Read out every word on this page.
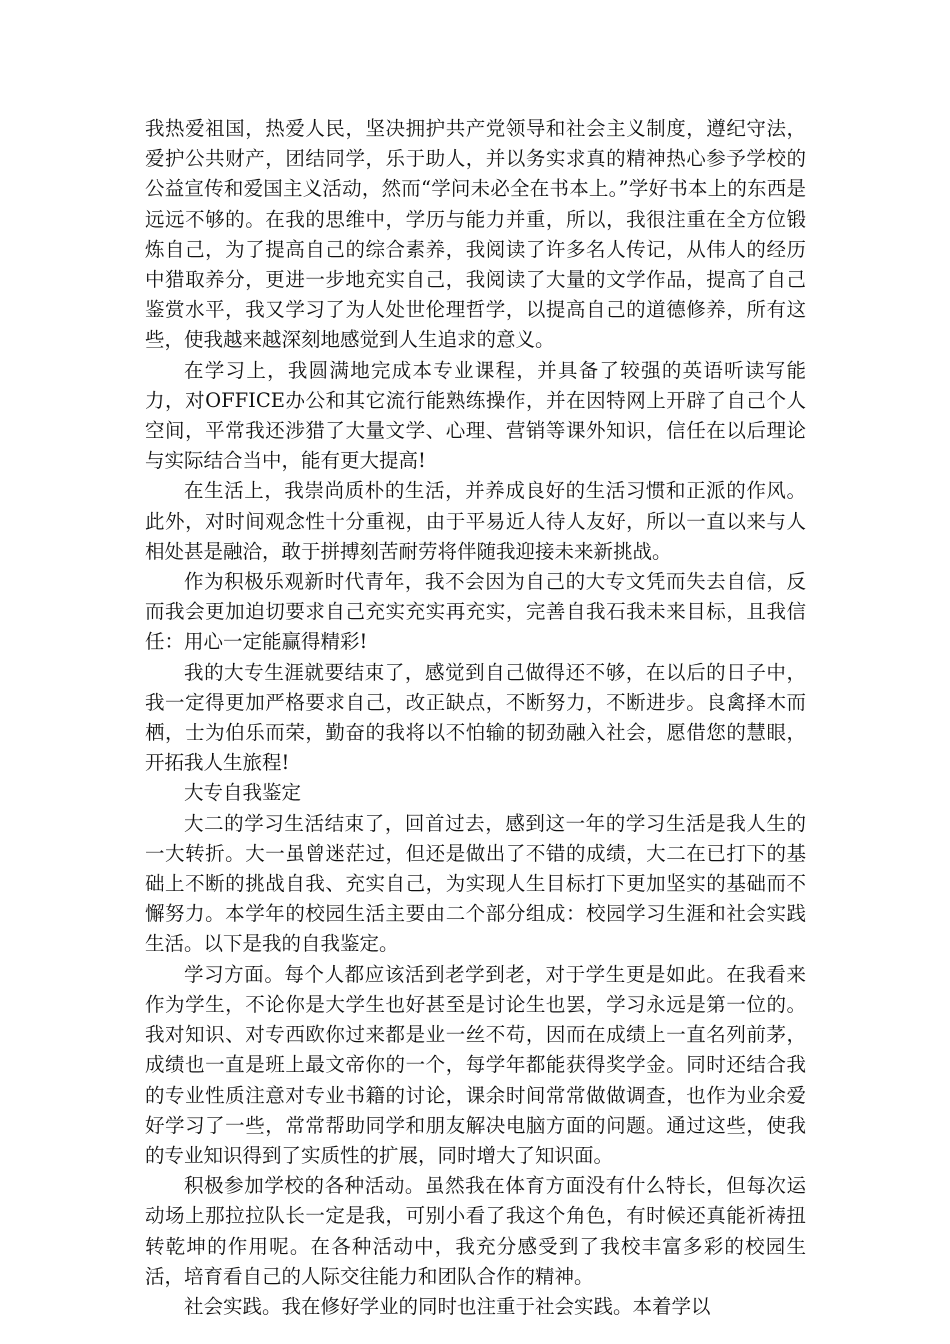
我热爱祖国，热爱人民，坚决拥护共产党领导和社会主义制度，遵纪守法，爱护公共财产，团结同学，乐于助人，并以务实求真的精神热心参予学校的公益宣传和爱国主义活动，然而“学问未必全在书本上。”学好书本上的东西是远远不够的。在我的思维中，学历与能力并重，所以，我很注重在全方位锻炼自己，为了提高自己的综合素养，我阅读了许多名人传记，从伟人的经历中猎取养分，更进一步地充实自己，我阅读了大量的文学作品，提高了自己鉴赏水平，我又学习了为人处世伦理哲学，以提高自己的道德修养，所有这些，使我越来越深刻地感觉到人生追求的意义。

在学习上，我圆满地完成本专业课程，并具备了较强的英语听读写能力，对OFFICE办公和其它流行能熟练操作，并在因特网上开辟了自己个人空间，平常我还涉猎了大量文学、心理、营销等课外知识，信任在以后理论与实际结合当中，能有更大提高!

在生活上，我崇尚质朴的生活，并养成良好的生活习惯和正派的作风。此外，对时间观念性十分重视，由于平易近人待人友好，所以一直以来与人相处甚是融洽，敢于拼搏刻苦耐劳将伴随我迎接未来新挑战。

作为积极乐观新时代青年，我不会因为自己的大专文凭而失去自信，反而我会更加迫切要求自己充实充实再充实，完善自我石我未来目标，且我信任：用心一定能赢得精彩!

我的大专生涯就要结束了，感觉到自己做得还不够，在以后的日子中，我一定得更加严格要求自己，改正缺点，不断努力，不断进步。良禽择木而栖，士为伯乐而荣，勤奋的我将以不怕输的韧劲融入社会，愿借您的慧眼，开拓我人生旅程!

大专自我鉴定

大二的学习生活结束了，回首过去，感到这一年的学习生活是我人生的一大转折。大一虽曾迷茫过，但还是做出了不错的成绩，大二在已打下的基础上不断的挑战自我、充实自己，为实现人生目标打下更加坚实的基础而不懈努力。本学年的校园生活主要由二个部分组成：校园学习生涯和社会实践生活。以下是我的自我鉴定。

学习方面。每个人都应该活到老学到老，对于学生更是如此。在我看来作为学生，不论你是大学生也好甚至是讨论生也罢，学习永远是第一位的。我对知识、对专西欧你过来都是业一丝不苟，因而在成绩上一直名列前茅，成绩也一直是班上最文帝你的一个，每学年都能获得奖学金。同时还结合我的专业性质注意对专业书籍的讨论，课余时间常常做做调查，也作为业余爱好学习了一些，常常帮助同学和朋友解决电脑方面的问题。通过这些，使我的专业知识得到了实质性的扩展，同时增大了知识面。

积极参加学校的各种活动。虽然我在体育方面没有什么特长，但每次运动场上那拉拉队长一定是我，可别小看了我这个角色，有时候还真能祈祷扭转乾坤的作用呢。在各种活动中，我充分感受到了我校丰富多彩的校园生活，培育看自己的人际交往能力和团队合作的精神。

社会实践。我在修好学业的同时也注重于社会实践。本着学以
